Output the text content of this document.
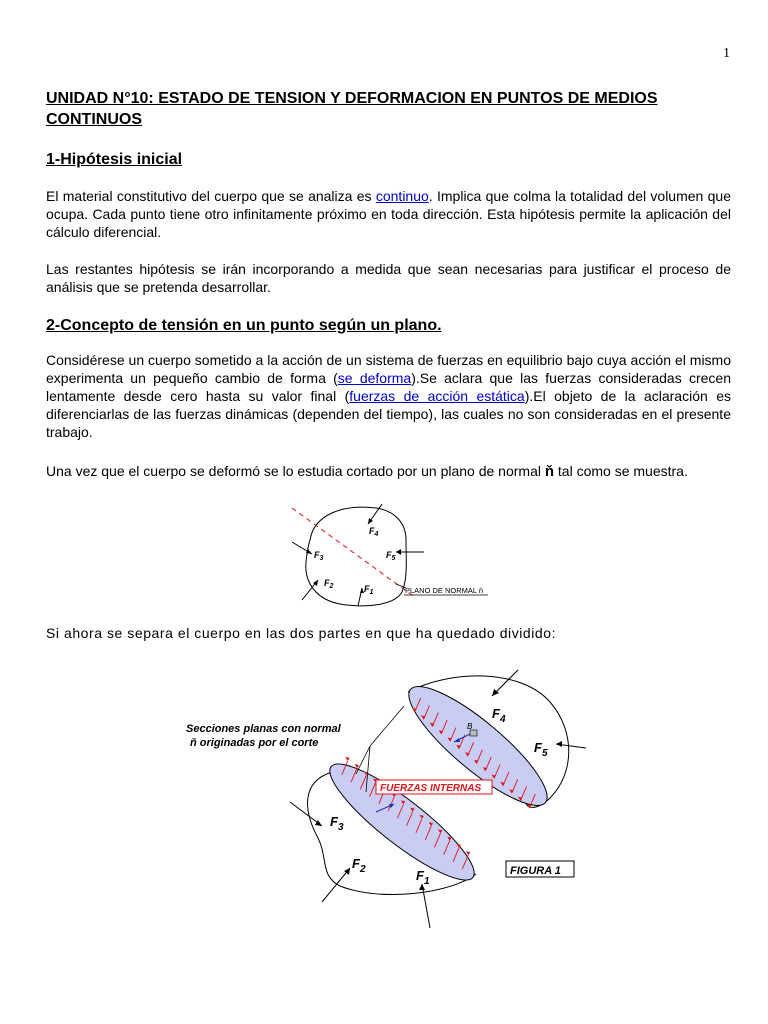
1
UNIDAD N°10: ESTADO DE TENSION Y DEFORMACION EN PUNTOS DE MEDIOS CONTINUOS
1-Hipótesis inicial

El material constitutivo del cuerpo que se analiza es continuo. Implica que colma la totalidad del volumen que ocupa. Cada punto tiene otro infinitamente próximo en toda dirección. Esta hipótesis permite la aplicación del cálculo diferencial.

Las restantes hipótesis se irán incorporando a medida que sean necesarias para justificar el proceso de análisis que se pretenda desarrollar.

2-Concepto de tensión en un punto según un plano.

Considérese un cuerpo sometido a la acción de un sistema de fuerzas en equilibrio bajo cuya acción el mismo experimenta un pequeño cambio de forma (se deforma).Se aclara que las fuerzas consideradas crecen lentamente desde cero hasta su valor final (fuerzas de acción estática).El objeto de la aclaración es diferenciarlas de las fuerzas dinámicas (dependen del tiempo), las cuales no son consideradas en el presente trabajo.

Una vez que el cuerpo se deformó se lo estudia cortado por un plano de normal ň tal como se muestra.

$F_4$
$F_5$
$F_3$
$F_2$	$F_1$	PLANO DE NORMAL ň

Si ahora se separa el cuerpo en las dos partes en que ha quedado dividido:

B
$F_4$
$F_5$
$F_3$
$F_2$	$F_1$
Secciones planas con normal
ň originadas por el corte
FUERZAS INTERNAS
FIGURA 1
